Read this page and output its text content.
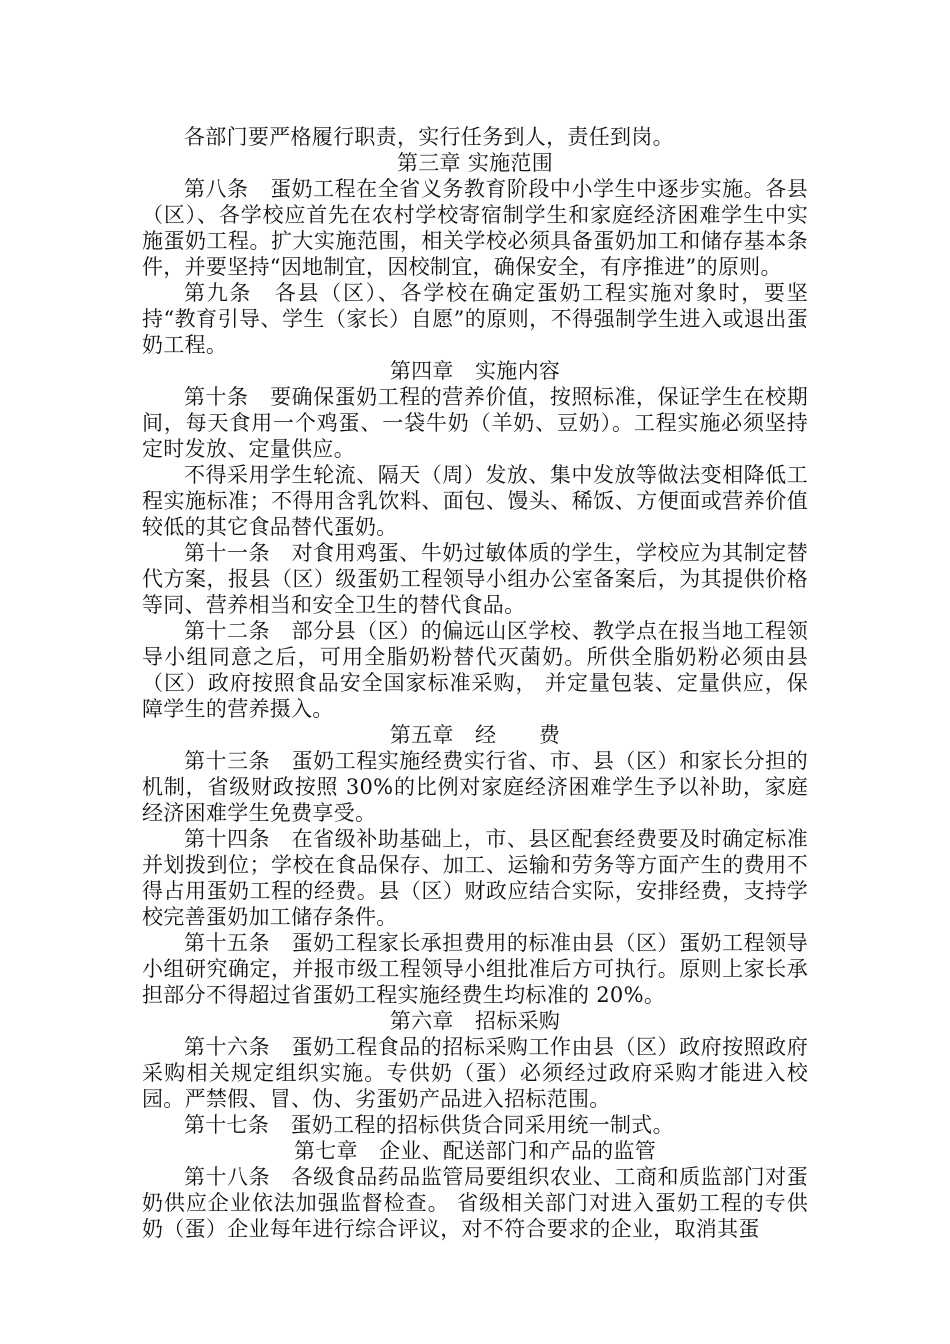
各部门要严格履行职责，实行任务到人，责任到岗。

第三章 实施范围

第八条　蛋奶工程在全省义务教育阶段中小学生中逐步实施。各县（区）、各学校应首先在农村学校寄宿制学生和家庭经济困难学生中实施蛋奶工程。扩大实施范围，相关学校必须具备蛋奶加工和储存基本条件，并要坚持“因地制宜，因校制宜，确保安全，有序推进”的原则。

第九条　各县（区）、各学校在确定蛋奶工程实施对象时，要坚持“教育引导、学生（家长）自愿”的原则，不得强制学生进入或退出蛋奶工程。

第四章　实施内容

第十条　要确保蛋奶工程的营养价值，按照标准，保证学生在校期间，每天食用一个鸡蛋、一袋牛奶（羊奶、豆奶）。工程实施必须坚持定时发放、定量供应。

不得采用学生轮流、隔天（周）发放、集中发放等做法变相降低工程实施标准；不得用含乳饮料、面包、馒头、稀饭、方便面或营养价值较低的其它食品替代蛋奶。

第十一条　对食用鸡蛋、牛奶过敏体质的学生，学校应为其制定替代方案，报县（区）级蛋奶工程领导小组办公室备案后，为其提供价格等同、营养相当和安全卫生的替代食品。

第十二条　部分县（区）的偏远山区学校、教学点在报当地工程领导小组同意之后，可用全脂奶粉替代灭菌奶。所供全脂奶粉必须由县（区）政府按照食品安全国家标准采购， 并定量包装、定量供应，保障学生的营养摄入。

第五章　经　　费

第十三条　蛋奶工程实施经费实行省、市、县（区）和家长分担的机制，省级财政按照 30%的比例对家庭经济困难学生予以补助，家庭经济困难学生免费享受。

第十四条　在省级补助基础上，市、县区配套经费要及时确定标准并划拨到位；学校在食品保存、加工、运输和劳务等方面产生的费用不得占用蛋奶工程的经费。县（区）财政应结合实际，安排经费，支持学校完善蛋奶加工储存条件。

第十五条　蛋奶工程家长承担费用的标准由县（区）蛋奶工程领导小组研究确定，并报市级工程领导小组批准后方可执行。原则上家长承担部分不得超过省蛋奶工程实施经费生均标准的 20%。

第六章　招标采购

第十六条　蛋奶工程食品的招标采购工作由县（区）政府按照政府采购相关规定组织实施。专供奶（蛋）必须经过政府采购才能进入校园。严禁假、冒、伪、劣蛋奶产品进入招标范围。

第十七条　蛋奶工程的招标供货合同采用统一制式。

第七章　企业、配送部门和产品的监管

第十八条　各级食品药品监管局要组织农业、工商和质监部门对蛋奶供应企业依法加强监督检查。 省级相关部门对进入蛋奶工程的专供奶（蛋）企业每年进行综合评议，对不符合要求的企业，取消其蛋
